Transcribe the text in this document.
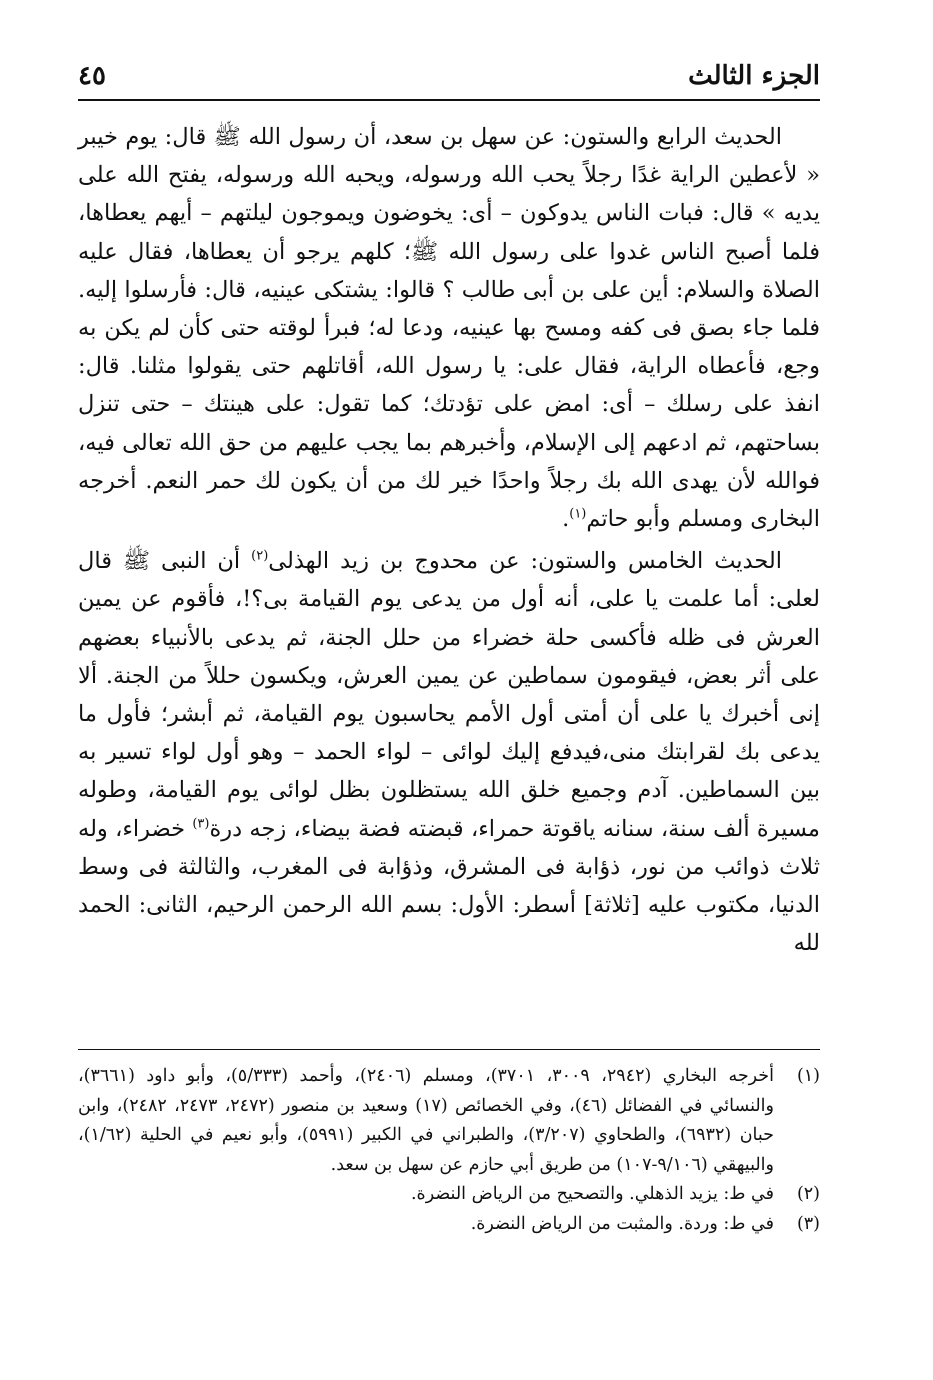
الجزء الثالث
٤٥

الحديث الرابع والستون: عن سهل بن سعد، أن رسول الله ﷺ قال: يوم خيبر « لأعطين الراية غدًا رجلاً يحب الله ورسوله، ويحبه الله ورسوله، يفتح الله على يديه » قال: فبات الناس يدوكون – أى: يخوضون ويموجون ليلتهم – أيهم يعطاها، فلما أصبح الناس غدوا على رسول الله ﷺ؛ كلهم يرجو أن يعطاها، فقال عليه الصلاة والسلام: أين على بن أبى طالب ؟ قالوا: يشتكى عينيه، قال: فأرسلوا إليه. فلما جاء بصق فى كفه ومسح بها عينيه، ودعا له؛ فبرأ لوقته حتى كأن لم يكن به وجع، فأعطاه الراية، فقال على: يا رسول الله، أقاتلهم حتى يقولوا مثلنا. قال: انفذ على رسلك – أى: امض على تؤدتك؛ كما تقول: على هينتك – حتى تنزل بساحتهم، ثم ادعهم إلى الإسلام، وأخبرهم بما يجب عليهم من حق الله تعالى فيه، فوالله لأن يهدى الله بك رجلاً واحدًا خير لك من أن يكون لك حمر النعم. أخرجه البخارى ومسلم وأبو حاتم$^{(١)}$.

الحديث الخامس والستون: عن محدوج بن زيد الهذلى$^{(٢)}$ أن النبى ﷺ قال لعلى: أما علمت يا على، أنه أول من يدعى يوم القيامة بى؟!، فأقوم عن يمين العرش فى ظله فأكسى حلة خضراء من حلل الجنة، ثم يدعى بالأنبياء بعضهم على أثر بعض، فيقومون سماطين عن يمين العرش، ويكسون حللاً من الجنة. ألا إنى أخبرك يا على أن أمتى أول الأمم يحاسبون يوم القيامة، ثم أبشر؛ فأول ما يدعى بك لقرابتك منى،فيدفع إليك لوائى – لواء الحمد – وهو أول لواء تسير به بين السماطين. آدم وجميع خلق الله يستظلون بظل لوائى يوم القيامة، وطوله مسيرة ألف سنة، سنانه ياقوتة حمراء، قبضته فضة بيضاء، زجه درة$^{(٣)}$ خضراء، وله ثلاث ذوائب من نور، ذؤابة فى المشرق، وذؤابة فى المغرب، والثالثة فى وسط الدنيا، مكتوب عليه [ثلاثة] أسطر: الأول: بسم الله الرحمن الرحيم، الثانى: الحمد لله

(١)
أخرجه البخاري (٢٩٤٢، ٣٠٠٩، ٣٧٠١)، ومسلم (٢٤٠٦)، وأحمد (٥/٣٣٣)، وأبو داود (٣٦٦١)، والنسائي في الفضائل (٤٦)، وفي الخصائص (١٧) وسعيد بن منصور (٢٤٧٢، ٢٤٧٣، ٢٤٨٢)، وابن حبان (٦٩٣٢)، والطحاوي (٣/٢٠٧)، والطبراني في الكبير (٥٩٩١)، وأبو نعيم في الحلية (١/٦٢)، والبيهقي (٩/١٠٦-١٠٧) من طريق أبي حازم عن سهل بن سعد.
(٢)
في ط: يزيد الذهلي. والتصحيح من الرياض النضرة.
(٣)
في ط: وردة. والمثبت من الرياض النضرة.
